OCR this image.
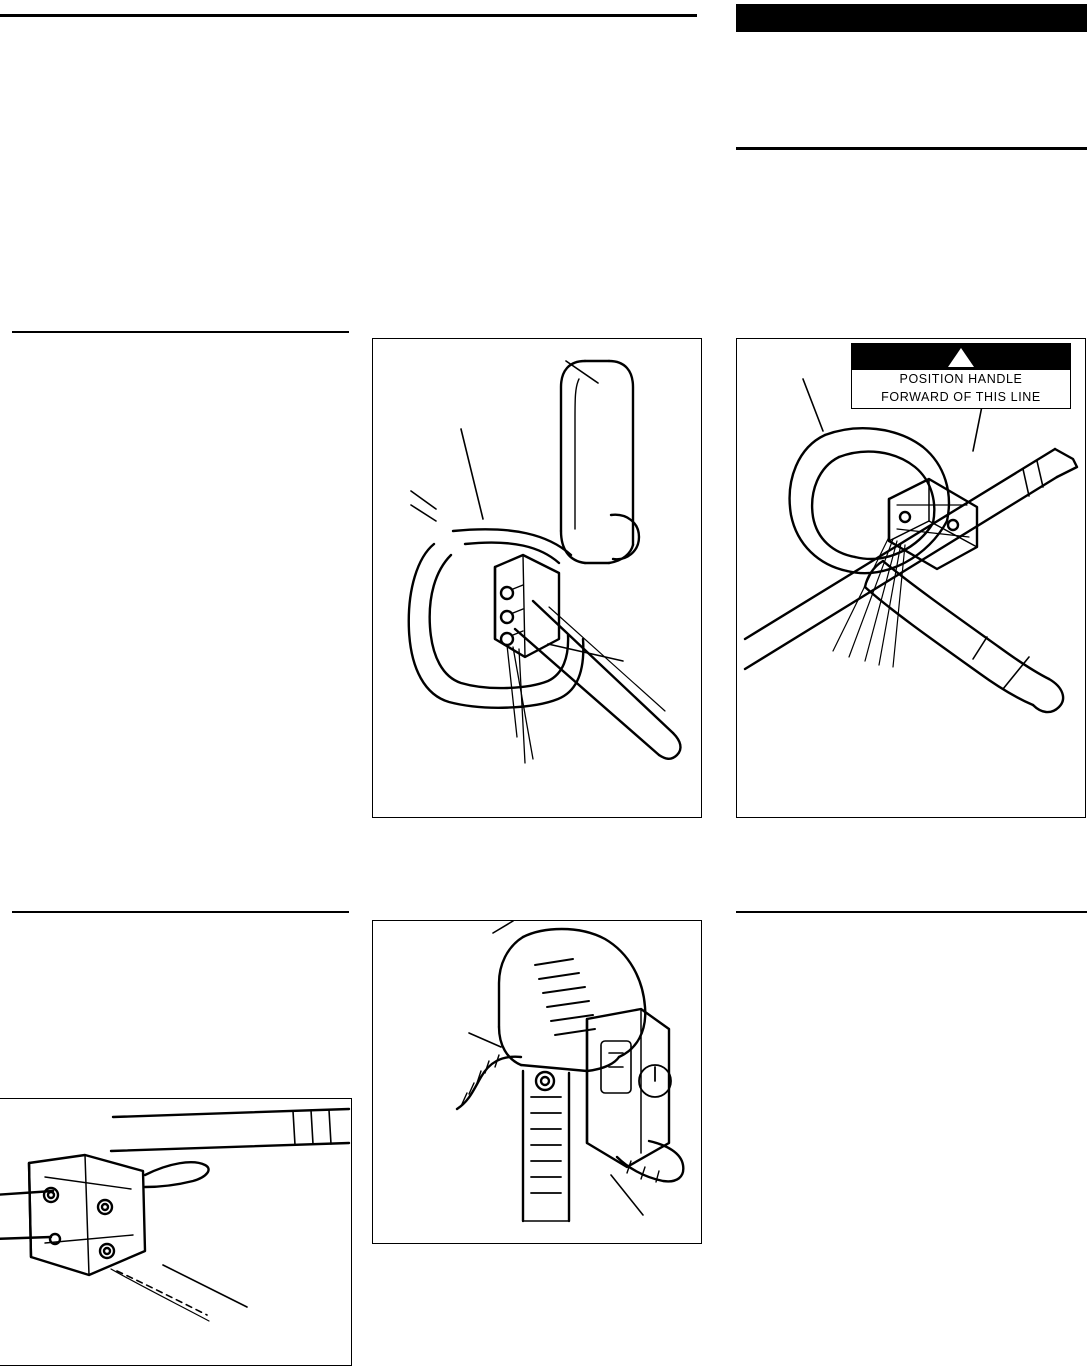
POSITION HANDLE
FORWARD OF THIS LINE
